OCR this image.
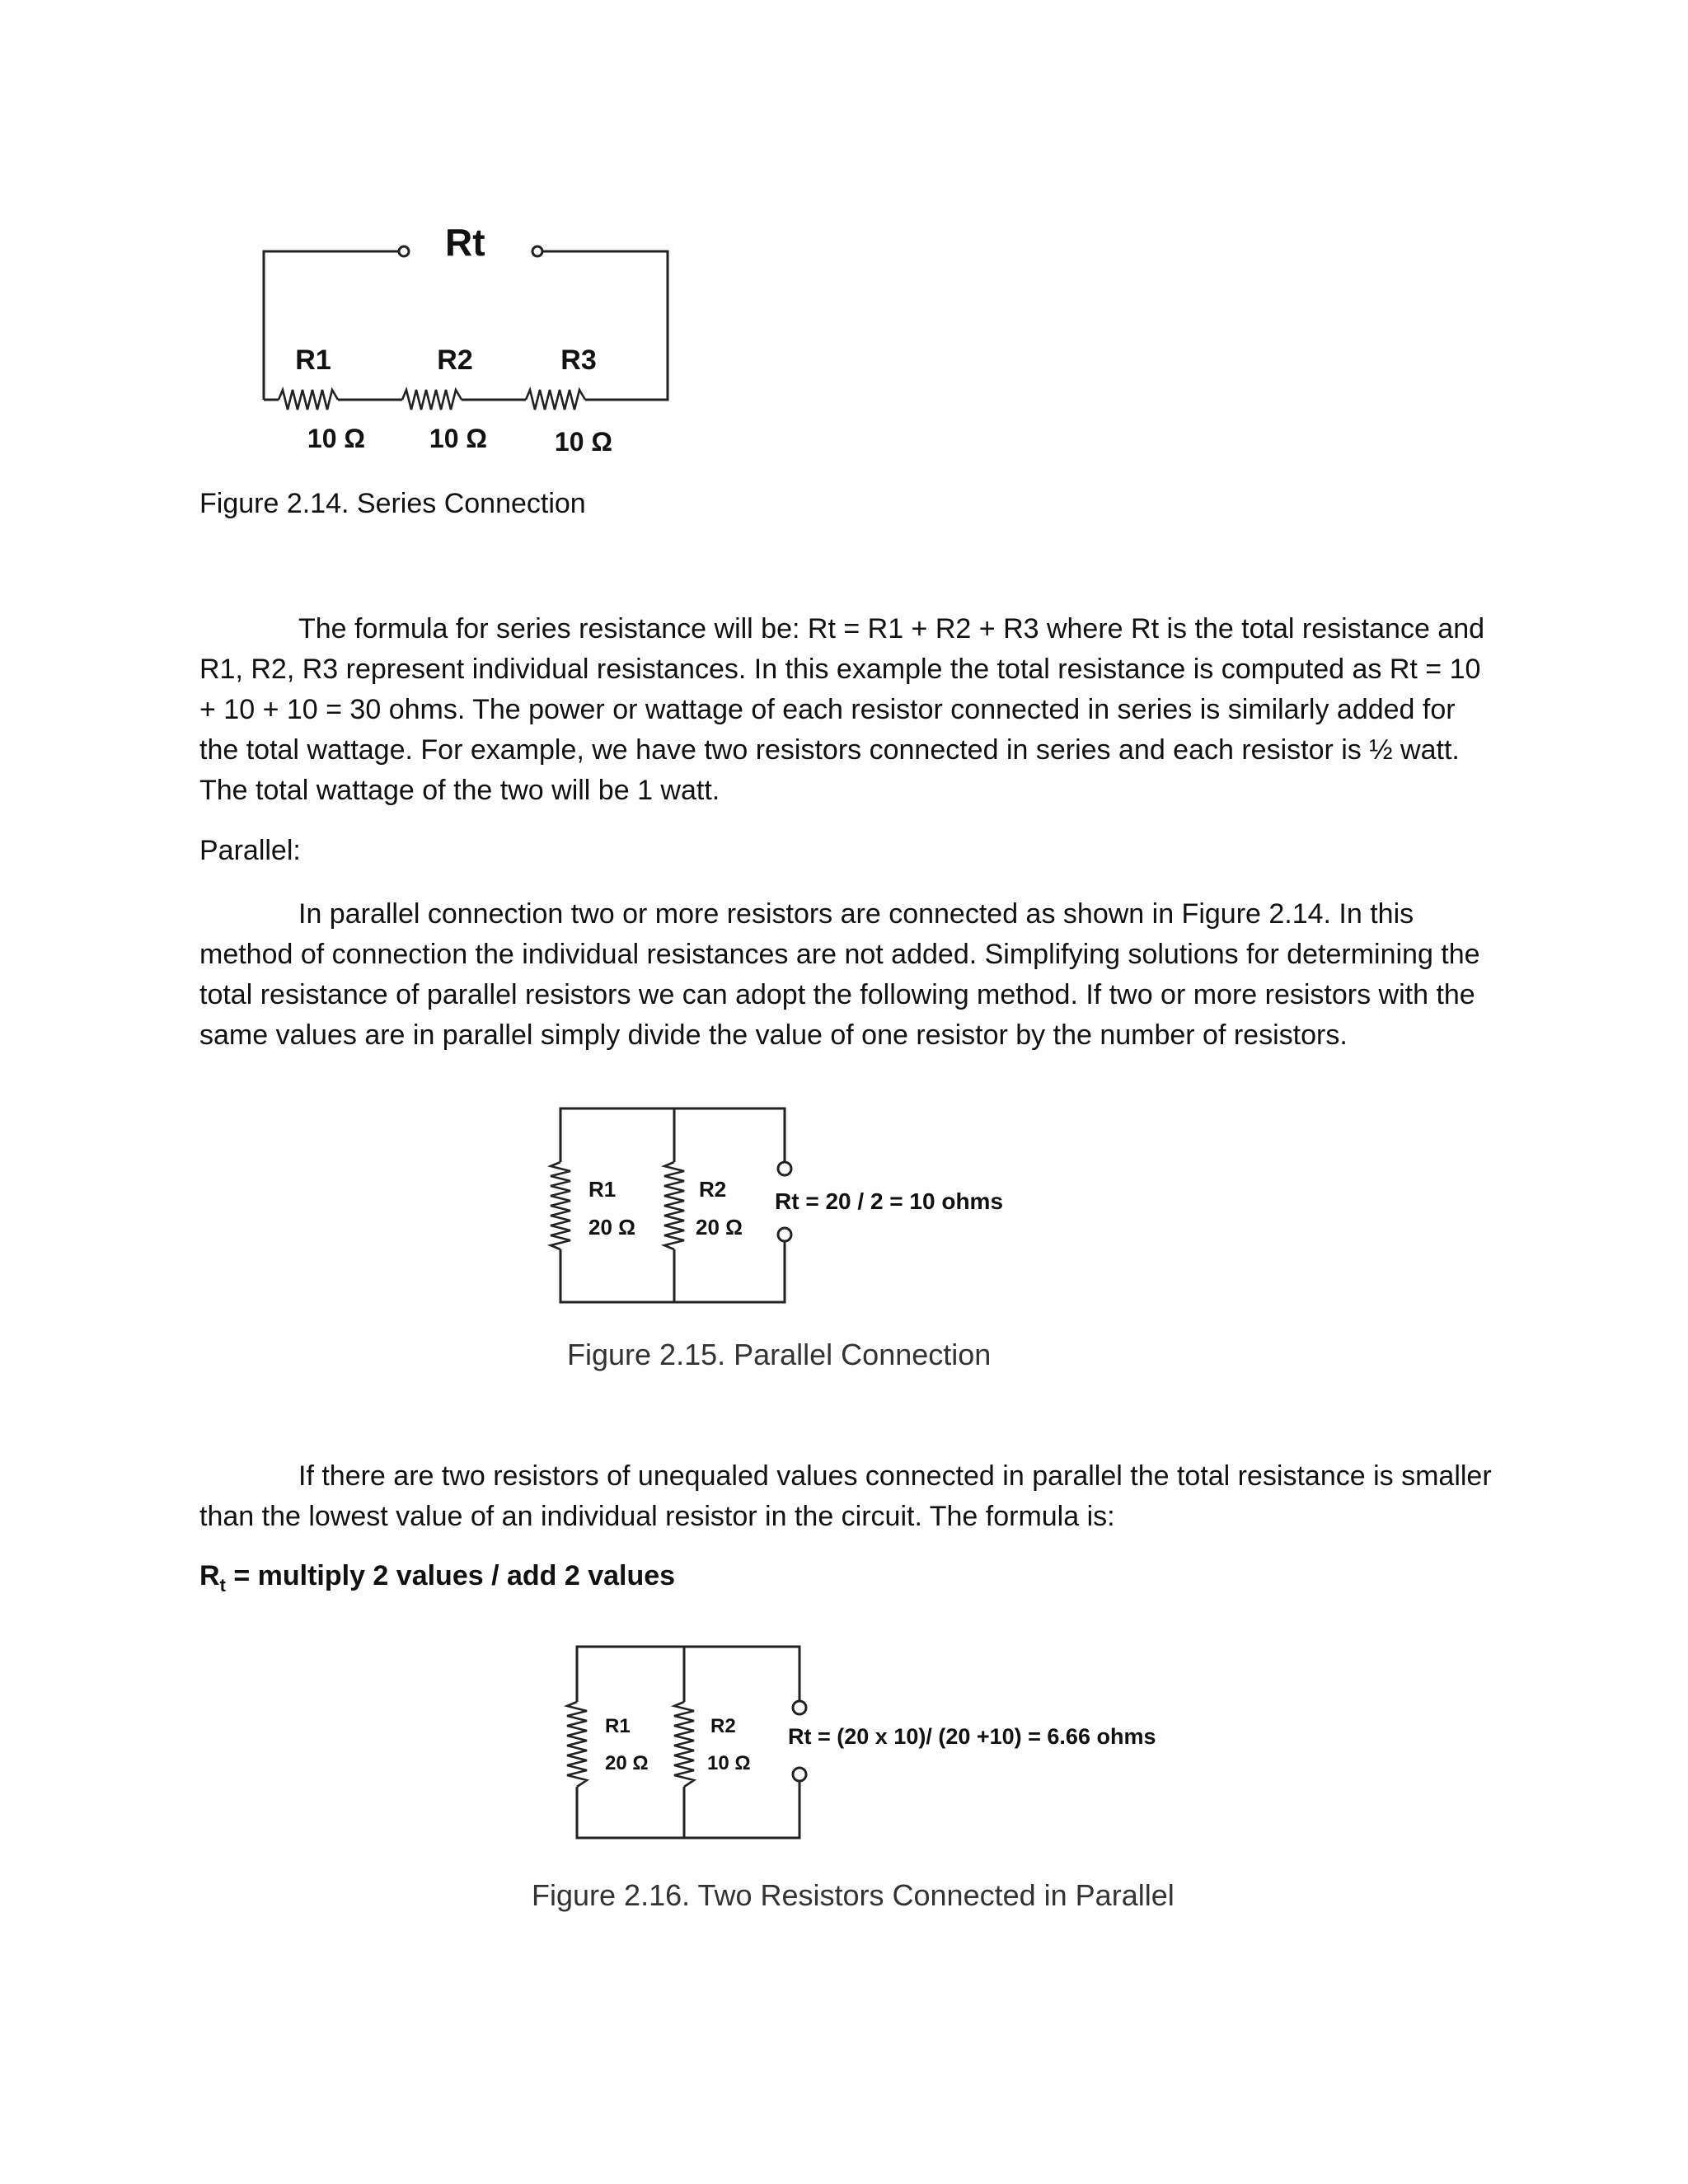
Rt
R1	R2	R3
10 Ω 10 Ω	10 Ω

Figure 2.14. Series Connection

The formula for series resistance will be: Rt = R1 + R2 + R3 where Rt is the total resistance and R1, R2, R3 represent individual resistances. In this example the total resistance is computed as Rt = 10 + 10 + 10 = 30 ohms. The power or wattage of each resistor connected in series is similarly added for the total wattage. For example, we have two resistors connected in series and each resistor is ½ watt. The total wattage of the two will be 1 watt.

Parallel:

In parallel connection two or more resistors are connected as shown in Figure 2.14. In this method of connection the individual resistances are not added. Simplifying solutions for determining the total resistance of parallel resistors we can adopt the following method. If two or more resistors with the same values are in parallel simply divide the value of one resistor by the number of resistors.

R1
20 Ω
R2
20 Ω
Rt = 20 / 2 = 10 ohms

Figure 2.15. Parallel Connection

If there are two resistors of unequaled values connected in parallel the total resistance is smaller than the lowest value of an individual resistor in the circuit. The formula is:

$R_t$ = multiply 2 values / add 2 values

R1
20 Ω
R2
10 Ω
Rt = (20 x 10)/ (20 +10) = 6.66 ohms

Figure 2.16. Two Resistors Connected in Parallel
